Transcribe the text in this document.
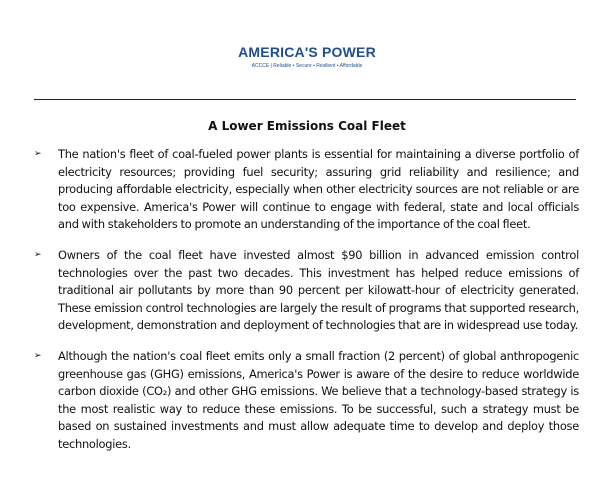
AMERICA'S POWER
ACCCE | Reliable • Secure • Resilient • Affordable
A Lower Emissions Coal Fleet
➢ The nation's fleet of coal-fueled power plants is essential for maintaining a diverse portfolio of electricity resources; providing fuel security; assuring grid reliability and resilience; and producing affordable electricity, especially when other electricity sources are not reliable or are too expensive. America's Power will continue to engage with federal, state and local officials and with stakeholders to promote an understanding of the importance of the coal fleet.
➢ Owners of the coal fleet have invested almost $90 billion in advanced emission control technologies over the past two decades. This investment has helped reduce emissions of traditional air pollutants by more than 90 percent per kilowatt-hour of electricity generated. These emission control technologies are largely the result of programs that supported research, development, demonstration and deployment of technologies that are in widespread use today.
➢ Although the nation's coal fleet emits only a small fraction (2 percent) of global anthropogenic greenhouse gas (GHG) emissions, America's Power is aware of the desire to reduce worldwide carbon dioxide (CO₂) and other GHG emissions. We believe that a technology-based strategy is the most realistic way to reduce these emissions. To be successful, such a strategy must be based on sustained investments and must allow adequate time to develop and deploy those technologies.
